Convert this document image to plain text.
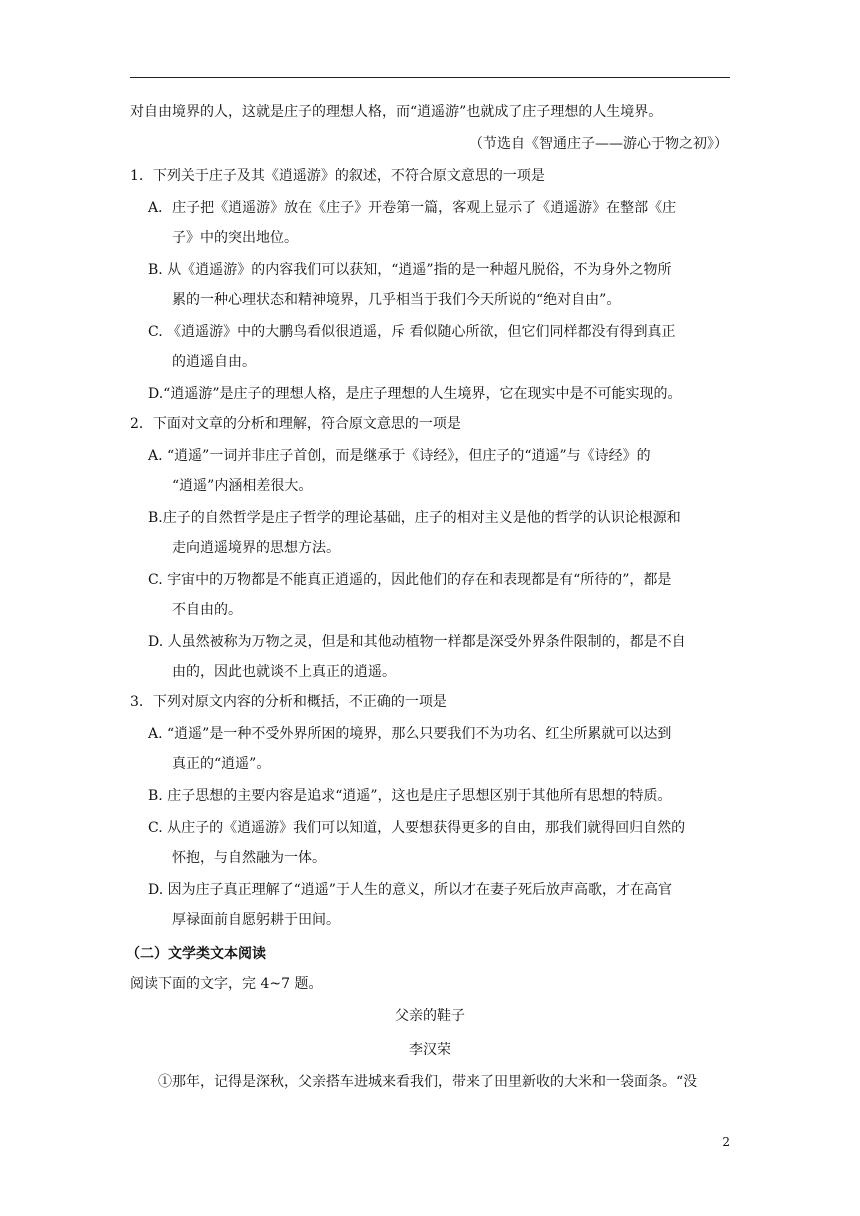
对自由境界的人，这就是庄子的理想人格，而“逍遥游”也就成了庄子理想的人生境界。
（节选自《智通庄子——游心于物之初》）
1．下列关于庄子及其《逍遥游》的叙述，不符合原文意思的一项是
A．庄子把《逍遥游》放在《庄子》开卷第一篇，客观上显示了《逍遥游》在整部《庄
子》中的突出地位。
B. 从《逍遥游》的内容我们可以获知，“逍遥”指的是一种超凡脱俗，不为身外之物所
累的一种心理状态和精神境界，几乎相当于我们今天所说的“绝对自由”。
C. 《逍遥游》中的大鹏鸟看似很逍遥，斥 看似随心所欲，但它们同样都没有得到真正
的逍遥自由。
D.“逍遥游”是庄子的理想人格，是庄子理想的人生境界，它在现实中是不可能实现的。
2．下面对文章的分析和理解，符合原文意思的一项是
A. “逍遥”一词并非庄子首创，而是继承于《诗经》，但庄子的“逍遥”与《诗经》的
“逍遥”内涵相差很大。
B.庄子的自然哲学是庄子哲学的理论基础，庄子的相对主义是他的哲学的认识论根源和
走向逍遥境界的思想方法。
C. 宇宙中的万物都是不能真正逍遥的，因此他们的存在和表现都是有“所待的”，都是
不自由的。
D. 人虽然被称为万物之灵，但是和其他动植物一样都是深受外界条件限制的，都是不自
由的，因此也就谈不上真正的逍遥。
3．下列对原文内容的分析和概括，不正确的一项是
A. “逍遥”是一种不受外界所困的境界，那么只要我们不为功名、红尘所累就可以达到
真正的“逍遥”。
B. 庄子思想的主要内容是追求“逍遥”，这也是庄子思想区别于其他所有思想的特质。
C. 从庄子的《逍遥游》我们可以知道，人要想获得更多的自由，那我们就得回归自然的
怀抱，与自然融为一体。
D. 因为庄子真正理解了“逍遥”于人生的意义，所以才在妻子死后放声高歌，才在高官
厚禄面前自愿躬耕于田间。
（二）文学类文本阅读
阅读下面的文字，完 4~7 题。
父亲的鞋子
李汉荣
①那年，记得是深秋，父亲搭车进城来看我们，带来了田里新收的大米和一袋面条。“没
2
